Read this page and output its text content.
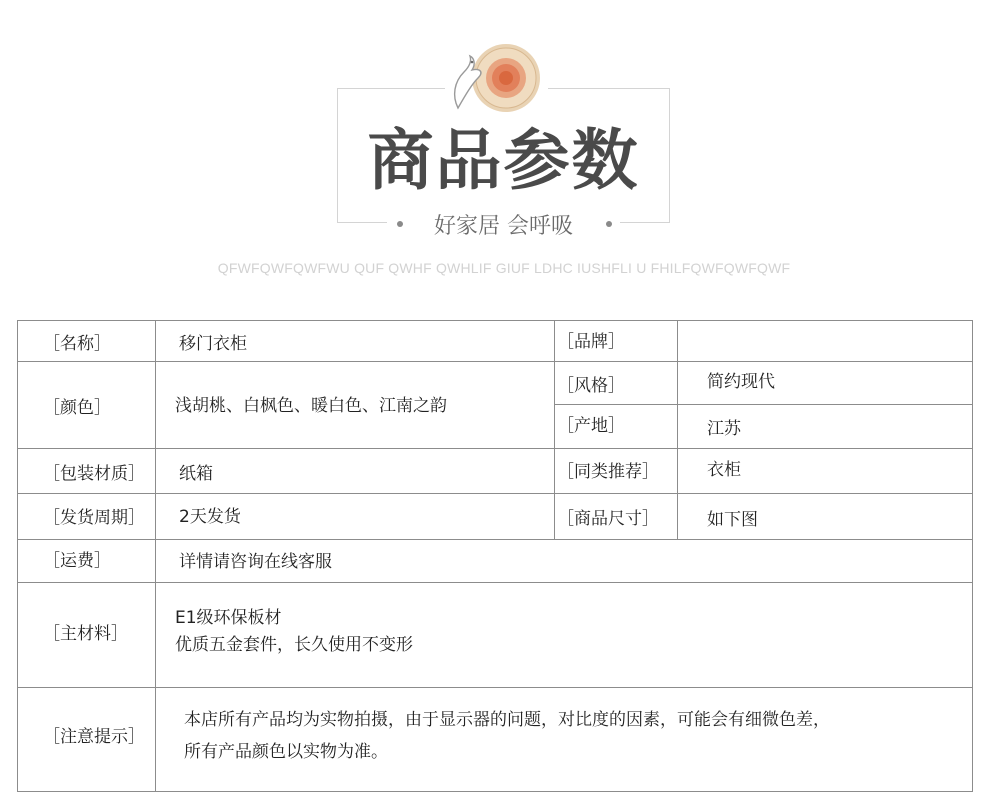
商品参数
好家居 会呼吸
QFWFQWFQWFWU QUF QWHF QWHLIF GIUF LDHC IUSHFLI U FHILFQWFQWFQWF
［名称］	移门衣柜	［品牌］
［颜色］	浅胡桃、白枫色、暖白色、江南之韵
［风格］	简约现代
［产地］	江苏
［包装材质］ 纸箱	［同类推荐］	衣柜
［发货周期］ 2天发货	［商品尺寸］	如下图
［运费］	详情请咨询在线客服
［主材料］
E1级环保板材
优质五金套件，长久使用不变形
［注意提示］
本店所有产品均为实物拍摄，由于显示器的问题，对比度的因素，可能会有细微色差，
所有产品颜色以实物为准。
